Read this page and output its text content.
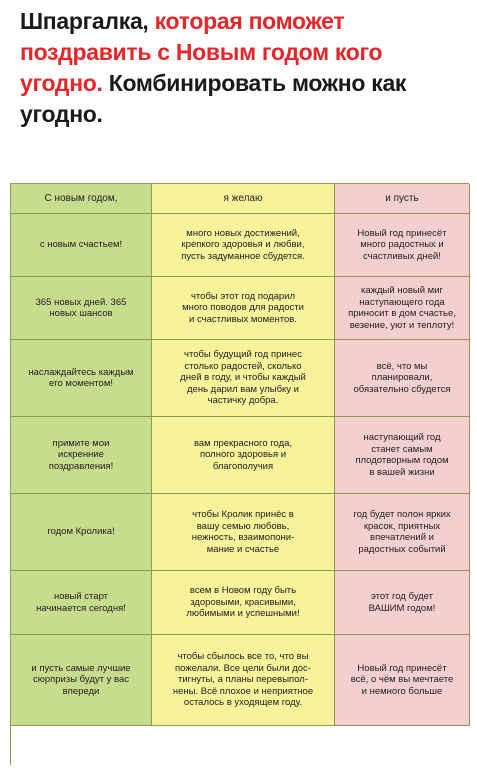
Шпаргалка, которая поможет поздравить с Новым годом кого угодно. Комбинировать можно как угодно.
С новым годом,	я желаю	и пусть
с новым счастьем!
много новых достижений,
крепкого здоровья и любви,
пусть задуманное сбудется.
Новый год принесёт
много радостных и
счастливых дней!
365 новых дней. 365
новых шансов
чтобы этот год подарил
много поводов для радости
и счастливых моментов.
каждый новый миг
наступающего года
приносит в дом счастье,
везение, уют и теплоту!
наслаждайтесь каждым
его моментом!
чтобы будущий год принес
столько радостей, сколько
дней в году, и чтобы каждый
день дарил вам улыбку и
частичку добра.
всё, что мы
планировали,
обязательно сбудется
примите мои
искренние
поздравления!
вам прекрасного года,
полного здоровья и
благополучия
наступающий год
станет самым
плодотворным годом
в вашей жизни
годом Кролика!
чтобы Кролик принёс в
вашу семью любовь,
нежность, взаимопони-
мание и счастье
год будет полон ярких
красок, приятных
впечатлений и
радостных событий
новый старт
начинается сегодня!
всем в Новом году быть
здоровыми, красивыми,
любимыми и успешными!
этот год будет
ВАШИМ годом!
и пусть самые лучшие
сюрпризы будут у вас
впереди
чтобы сбылось все то, что вы
пожелали. Все цели были дос-
тигнуты, а планы перевыпол-
нены. Всё плохое и неприятное
осталось в уходящем году.
Новый год принесёт
всё, о чём вы мечтаете
и немного больше
